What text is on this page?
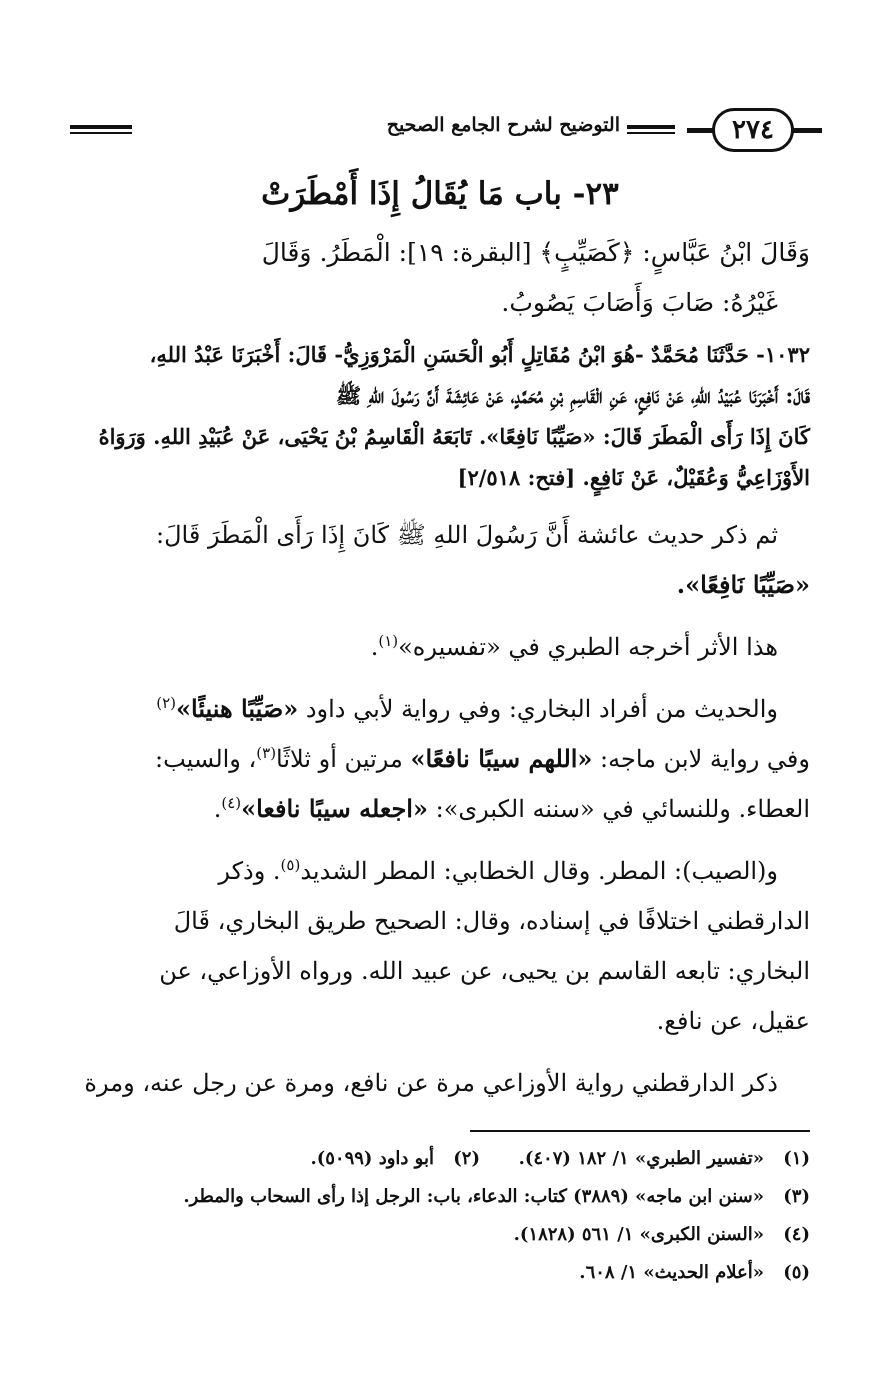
٢٧٤
التوضيح لشرح الجامع الصحيح
٢٣- باب مَا يُقَالُ إِذَا أَمْطَرَتْ

وَقَالَ ابْنُ عَبَّاسٍ: ﴿كَصَيِّبٍ﴾ [البقرة: ١٩]: الْمَطَرُ. وَقَالَ

غَيْرُهُ: صَابَ وَأَصَابَ يَصُوبُ.

١٠٣٢- حَدَّثَنَا مُحَمَّدٌ -هُوَ ابْنُ مُقَاتِلٍ أَبُو الْحَسَنِ الْمَرْوَزِيُّ- قَالَ: أَخْبَرَنَا عَبْدُ اللهِ،

قَالَ: أَخْبَرَنَا عُبَيْدُ اللهِ، عَنْ نَافِعٍ، عَنِ الْقَاسِمِ بْنِ مُحَمَّدٍ، عَنْ عَائِشَةَ أَنَّ رَسُولَ اللهِ ﷺ

كَانَ إِذَا رَأَى الْمَطَرَ قَالَ: «صَيِّبًا نَافِعًا». تَابَعَهُ الْقَاسِمُ بْنُ يَحْيَى، عَنْ عُبَيْدِ اللهِ. وَرَوَاهُ

الأَوْزَاعِيُّ وَعُقَيْلٌ، عَنْ نَافِعٍ. [فتح: ٢/٥١٨]

ثم ذكر حديث عائشة أَنَّ رَسُولَ اللهِ ﷺ كَانَ إِذَا رَأَى الْمَطَرَ قَالَ:

«صَيِّبًا نَافِعًا».

هذا الأثر أخرجه الطبري في «تفسيره»$^{(١)}$.

والحديث من أفراد البخاري: وفي رواية لأبي داود «صَيِّبًا هنيئًا»$^{(٢)}$

وفي رواية لابن ماجه: «اللهم سيبًا نافعًا» مرتين أو ثلاثًا$^{(٣)}$، والسيب:

العطاء. وللنسائي في «سننه الكبرى»: «اجعله سيبًا نافعا»$^{(٤)}$.

و(الصيب): المطر. وقال الخطابي: المطر الشديد$^{(٥)}$. وذكر

الدارقطني اختلافًا في إسناده، وقال: الصحيح طريق البخاري، قَالَ

البخاري: تابعه القاسم بن يحيى، عن عبيد الله. ورواه الأوزاعي، عن

عقيل، عن نافع.

ذكر الدارقطني رواية الأوزاعي مرة عن نافع، ومرة عن رجل عنه، ومرة

(١)
«تفسير الطبري» ١/ ١٨٢ (٤٠٧).
(٢)
أبو داود (٥٠٩٩).
(٣)
«سنن ابن ماجه» (٣٨٨٩) كتاب: الدعاء، باب: الرجل إذا رأى السحاب والمطر.
(٤)
«السنن الكبرى» ١/ ٥٦١ (١٨٢٨).
(٥)
«أعلام الحديث» ١/ ٦٠٨.
